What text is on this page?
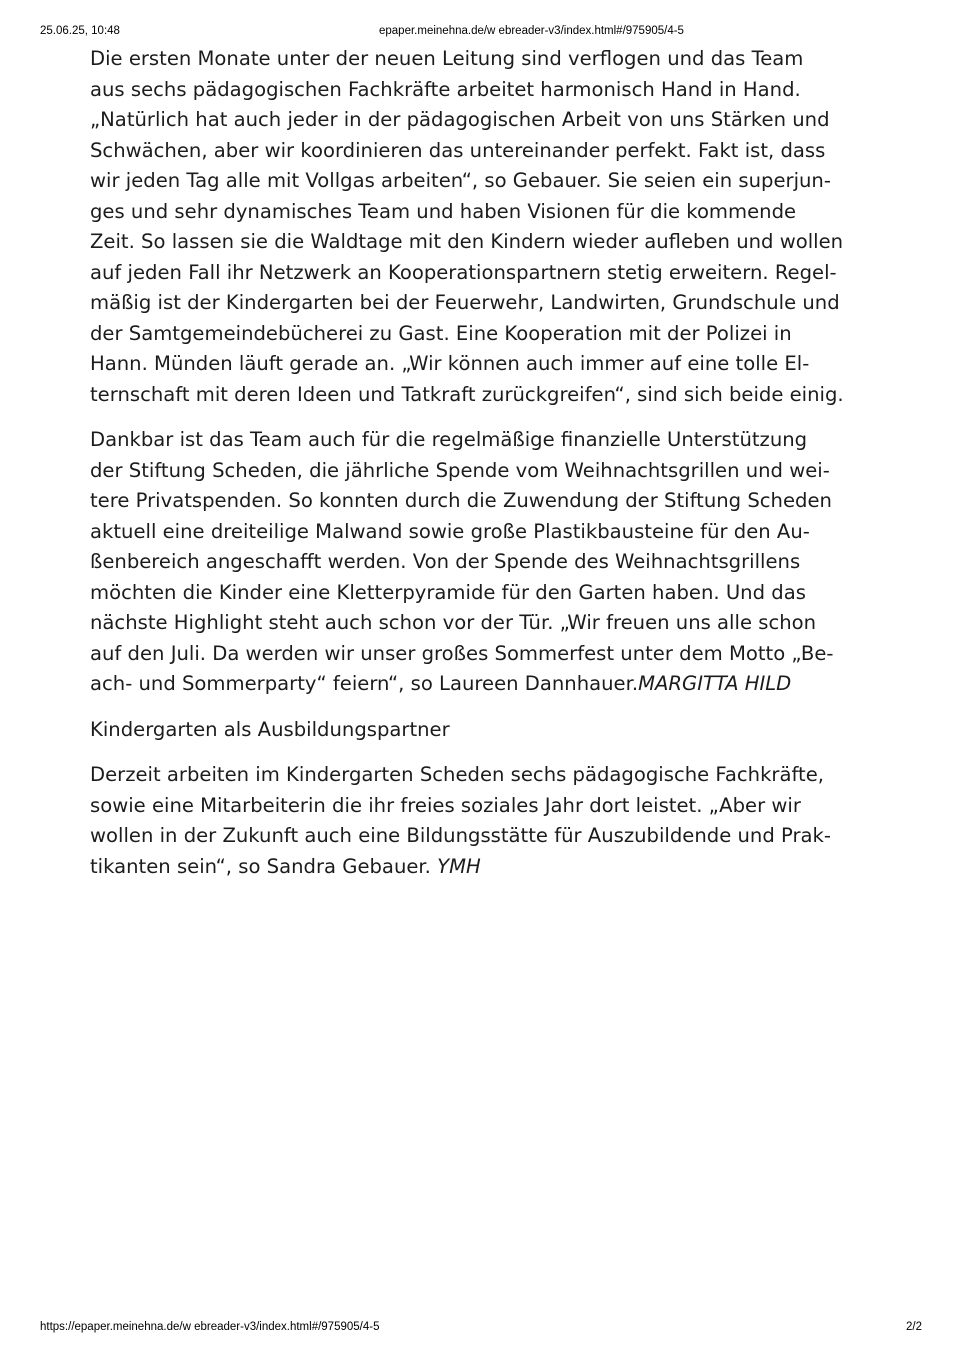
25.06.25, 10:48	epaper.meinehna.de/w ebreader-v3/index.html#/975905/4-5

Die ersten Monate unter der neuen Leitung sind verflogen und das Team
aus sechs pädagogischen Fachkräfte arbeitet harmonisch Hand in Hand.
„Natürlich hat auch jeder in der pädagogischen Arbeit von uns Stärken und
Schwächen, aber wir koordinieren das untereinander perfekt. Fakt ist, dass
wir jeden Tag alle mit Vollgas arbeiten“, so Gebauer. Sie seien ein superjun-
ges und sehr dynamisches Team und haben Visionen für die kommende
Zeit. So lassen sie die Waldtage mit den Kindern wieder aufleben und wollen
auf jeden Fall ihr Netzwerk an Kooperationspartnern stetig erweitern. Regel-
mäßig ist der Kindergarten bei der Feuerwehr, Landwirten, Grundschule und
der Samtgemeindebücherei zu Gast. Eine Kooperation mit der Polizei in
Hann. Münden läuft gerade an. „Wir können auch immer auf eine tolle El-
ternschaft mit deren Ideen und Tatkraft zurückgreifen“, sind sich beide einig.

Dankbar ist das Team auch für die regelmäßige finanzielle Unterstützung
der Stiftung Scheden, die jährliche Spende vom Weihnachtsgrillen und wei-
tere Privatspenden. So konnten durch die Zuwendung der Stiftung Scheden
aktuell eine dreiteilige Malwand sowie große Plastikbausteine für den Au-
ßenbereich angeschafft werden. Von der Spende des Weihnachtsgrillens
möchten die Kinder eine Kletterpyramide für den Garten haben. Und das
nächste Highlight steht auch schon vor der Tür. „Wir freuen uns alle schon
auf den Juli. Da werden wir unser großes Sommerfest unter dem Motto „Be-
ach- und Sommerparty“ feiern“, so Laureen Dannhauer.MARGITTA HILD

Kindergarten als Ausbildungspartner

Derzeit arbeiten im Kindergarten Scheden sechs pädagogische Fachkräfte,
sowie eine Mitarbeiterin die ihr freies soziales Jahr dort leistet. „Aber wir
wollen in der Zukunft auch eine Bildungsstätte für Auszubildende und Prak-
tikanten sein“, so Sandra Gebauer. YMH

https://epaper.meinehna.de/w ebreader-v3/index.html#/975905/4-5	2/2
